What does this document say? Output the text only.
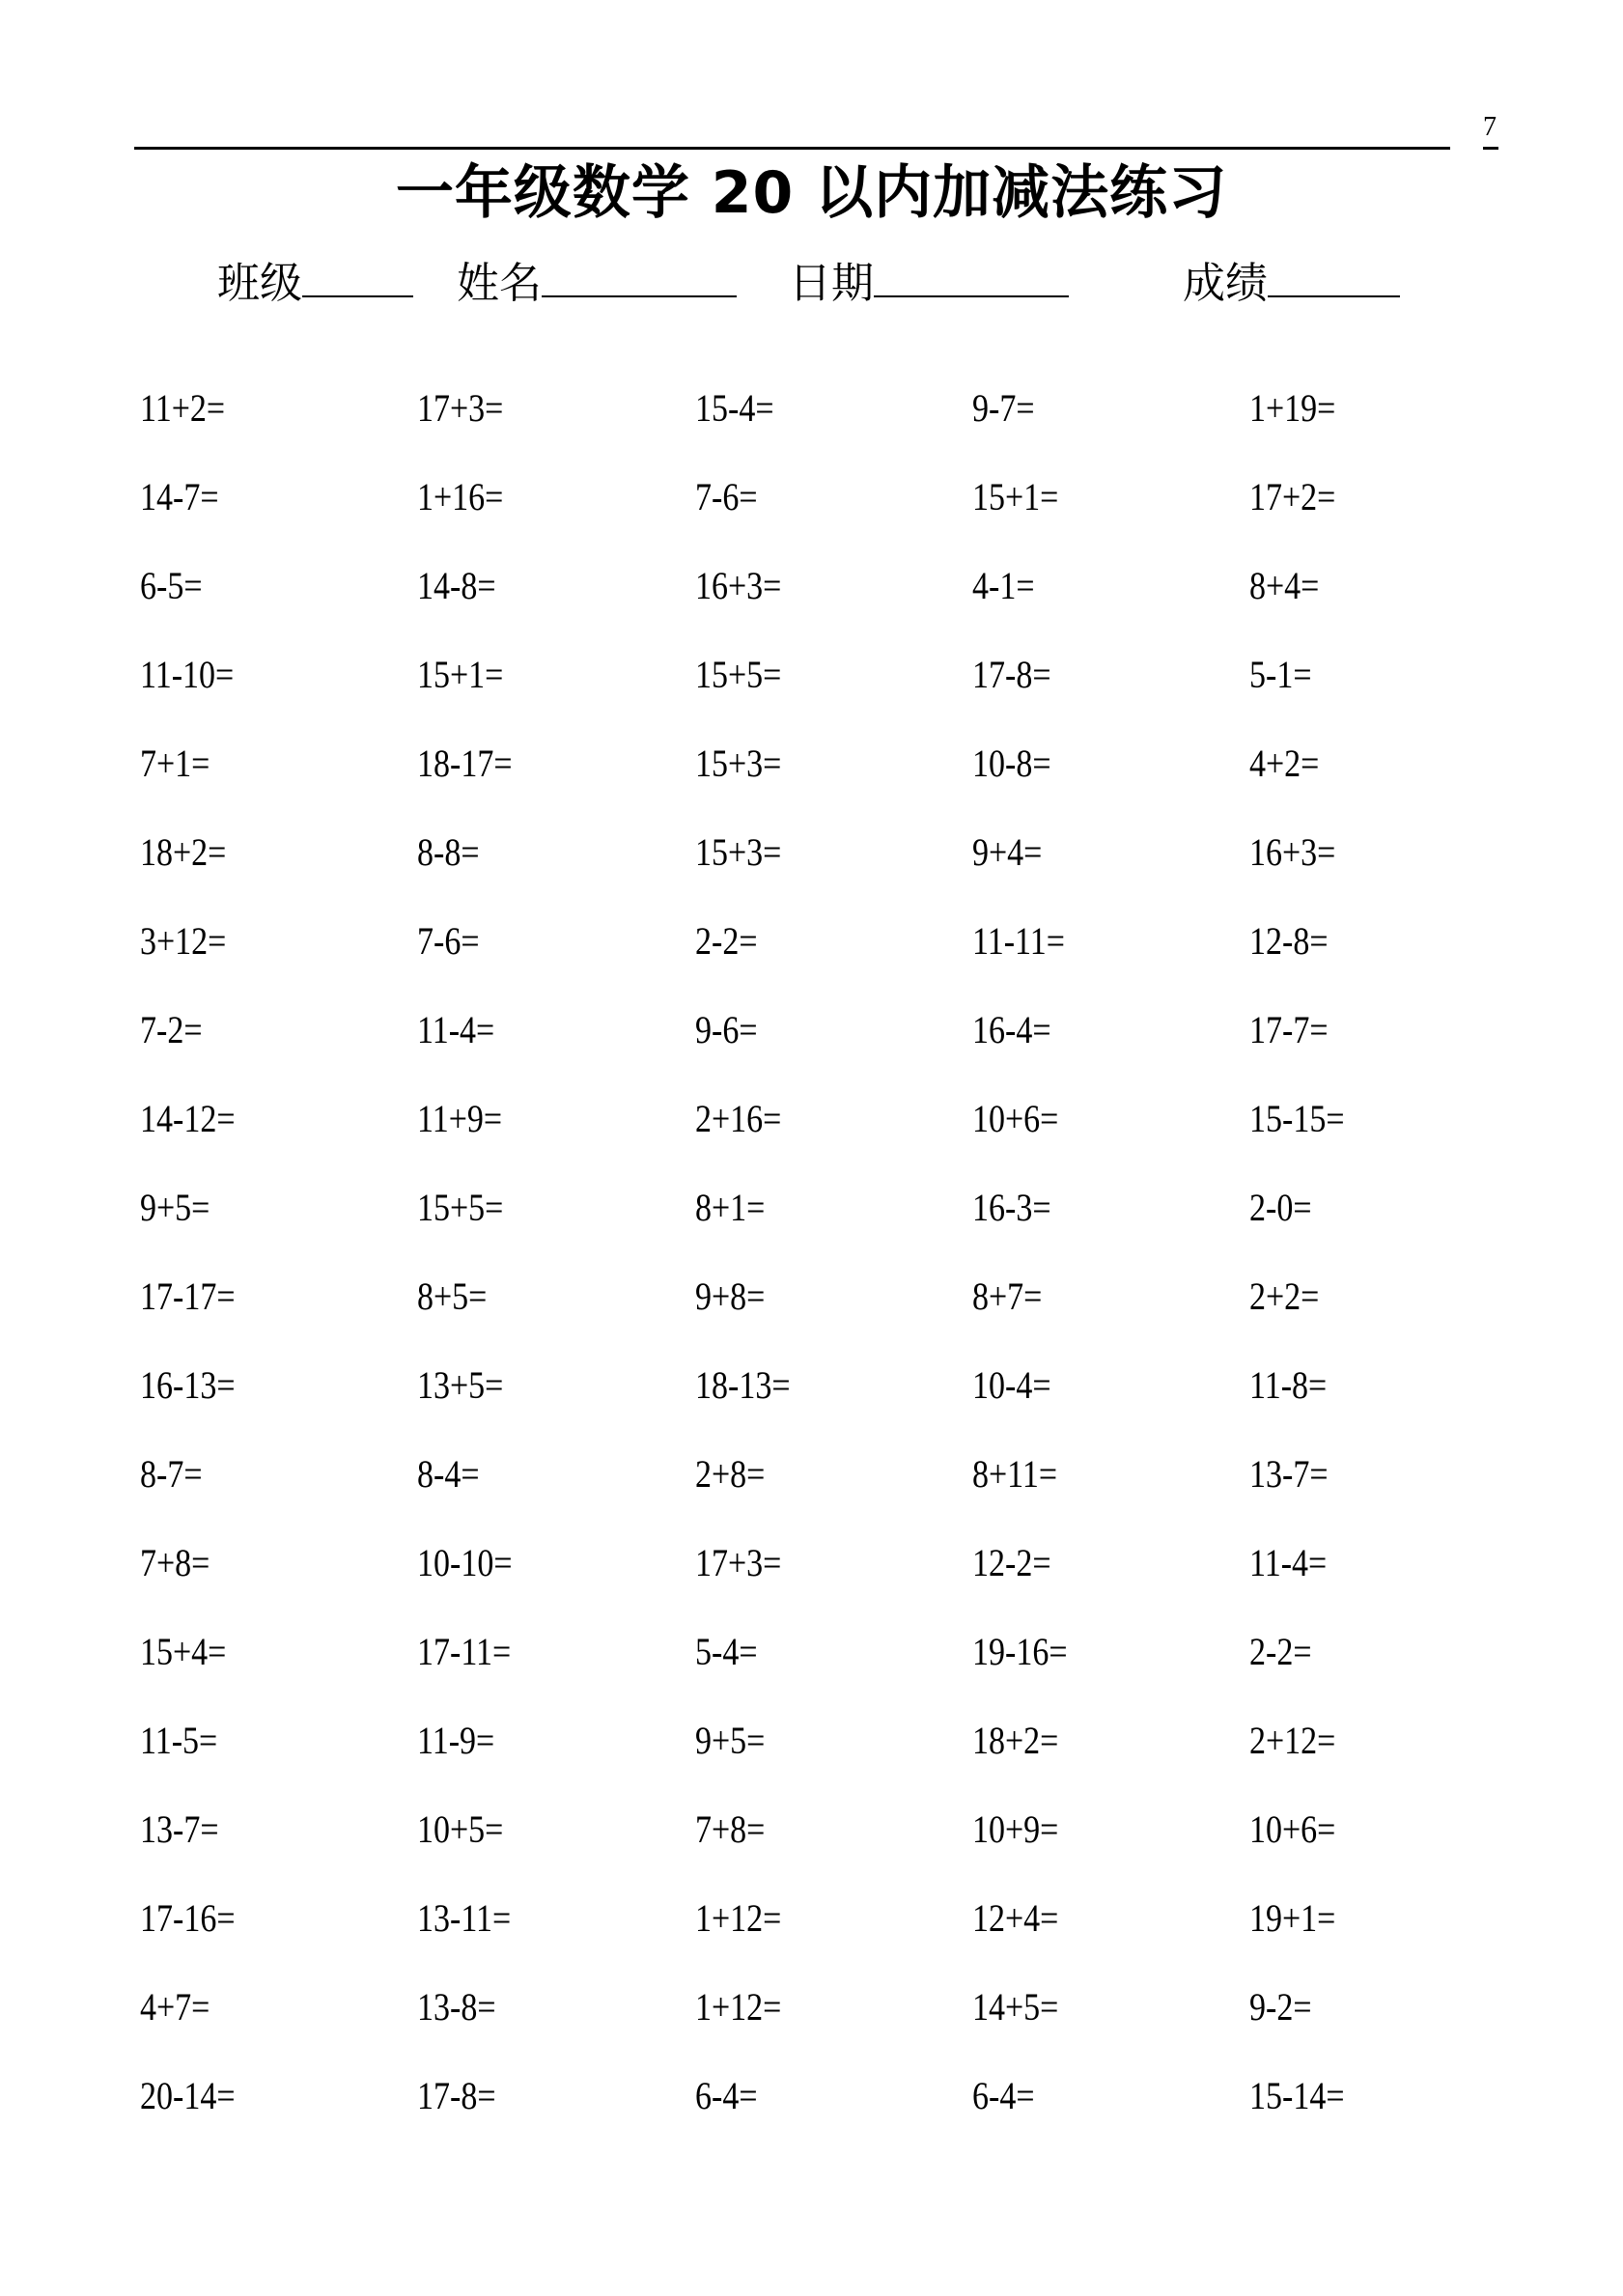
7
一年级数学 20 以内加减法练习
班级	姓名	日期	成绩
11+2=	17+3=	15-4=	9-7=	1+19=
14-7=	1+16=	7-6=	15+1=	17+2=
6-5=	14-8=	16+3=	4-1=	8+4=
11-10=	15+1=	15+5=	17-8=	5-1=
7+1=	18-17=	15+3=	10-8=	4+2=
18+2=	8-8=	15+3=	9+4=	16+3=
3+12=	7-6=	2-2=	11-11=	12-8=
7-2=	11-4=	9-6=	16-4=	17-7=
14-12=	11+9=	2+16=	10+6=	15-15=
9+5=	15+5=	8+1=	16-3=	2-0=
17-17=	8+5=	9+8=	8+7=	2+2=
16-13=	13+5=	18-13=	10-4=	11-8=
8-7=	8-4=	2+8=	8+11=	13-7=
7+8=	10-10=	17+3=	12-2=	11-4=
15+4=	17-11=	5-4=	19-16=	2-2=
11-5=	11-9=	9+5=	18+2=	2+12=
13-7=	10+5=	7+8=	10+9=	10+6=
17-16=	13-11=	1+12=	12+4=	19+1=
4+7=	13-8=	1+12=	14+5=	9-2=
20-14=	17-8=	6-4=	6-4=	15-14=
